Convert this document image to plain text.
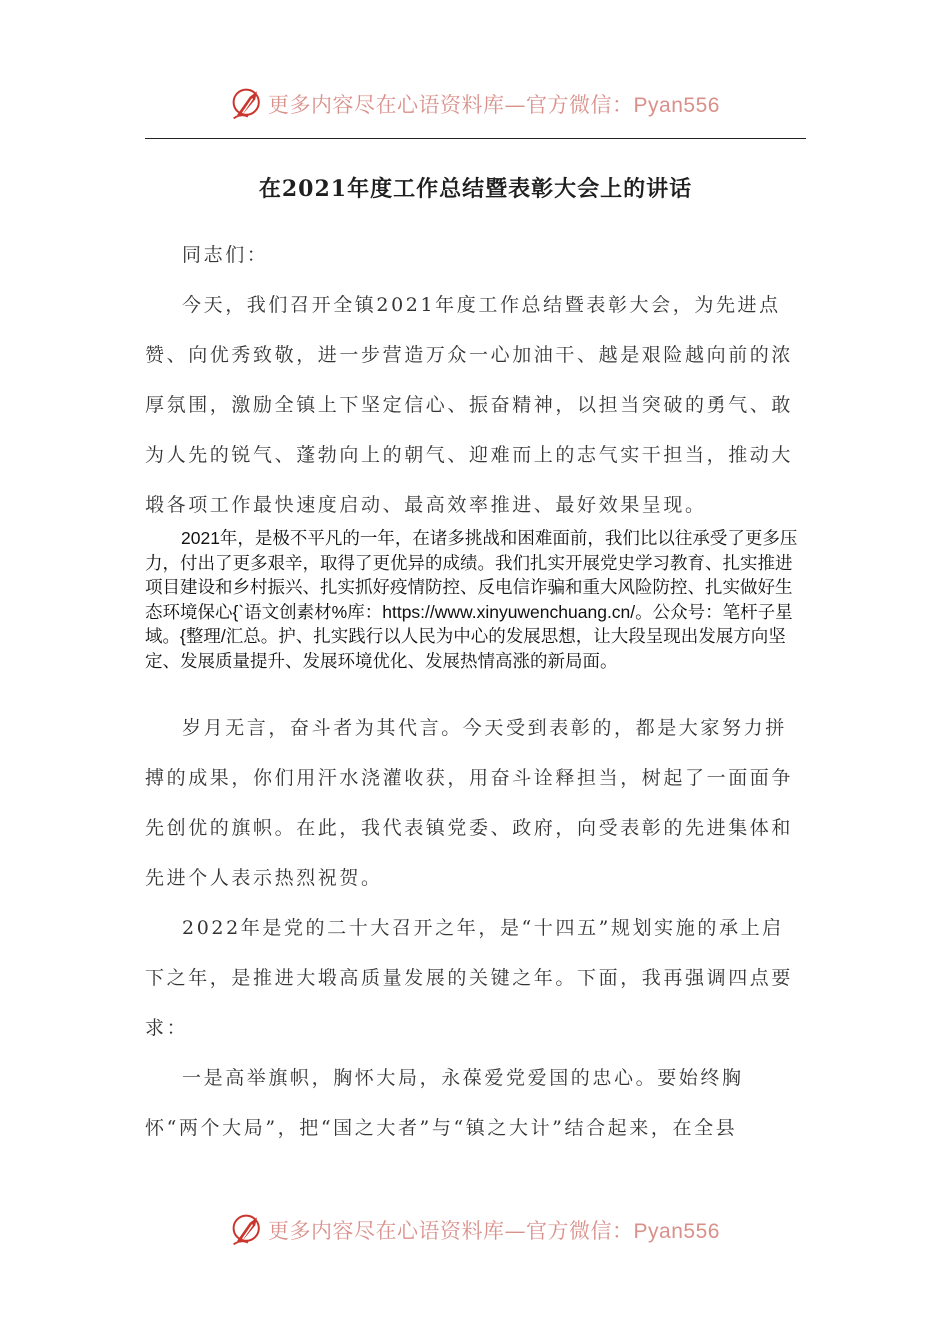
更多内容尽在心语资料库—官方微信：Pyan556
在2021年度工作总结暨表彰大会上的讲话
同志们：
今天，我们召开全镇2021年度工作总结暨表彰大会，为先进点赞、向优秀致敬，进一步营造万众一心加油干、越是艰险越向前的浓厚氛围，激励全镇上下坚定信心、振奋精神，以担当突破的勇气、敢为人先的锐气、蓬勃向上的朝气、迎难而上的志气实干担当，推动大塅各项工作最快速度启动、最高效率推进、最好效果呈现。
2021年，是极不平凡的一年，在诸多挑战和困难面前，我们比以往承受了更多压力，付出了更多艰辛，取得了更优异的成绩。我们扎实开展党史学习教育、扎实推进项目建设和乡村振兴、扎实抓好疫情防控、反电信诈骗和重大风险防控、扎实做好生态环境保心{`语文创素材%库：https://www.xinyuwenchuang.cn/。公众号：笔杆子星域。{整理/汇总。护、扎实践行以人民为中心的发展思想，让大段呈现出发展方向坚定、发展质量提升、发展环境优化、发展热情高涨的新局面。
岁月无言，奋斗者为其代言。今天受到表彰的，都是大家努力拼搏的成果，你们用汗水浇灌收获，用奋斗诠释担当，树起了一面面争先创优的旗帜。在此，我代表镇党委、政府，向受表彰的先进集体和先进个人表示热烈祝贺。
2022年是党的二十大召开之年，是“十四五”规划实施的承上启下之年，是推进大塅高质量发展的关键之年。下面，我再强调四点要求：
一是高举旗帜，胸怀大局，永葆爱党爱国的忠心。要始终胸怀“两个大局”，把“国之大者”与“镇之大计”结合起来，在全县
更多内容尽在心语资料库—官方微信：Pyan556
